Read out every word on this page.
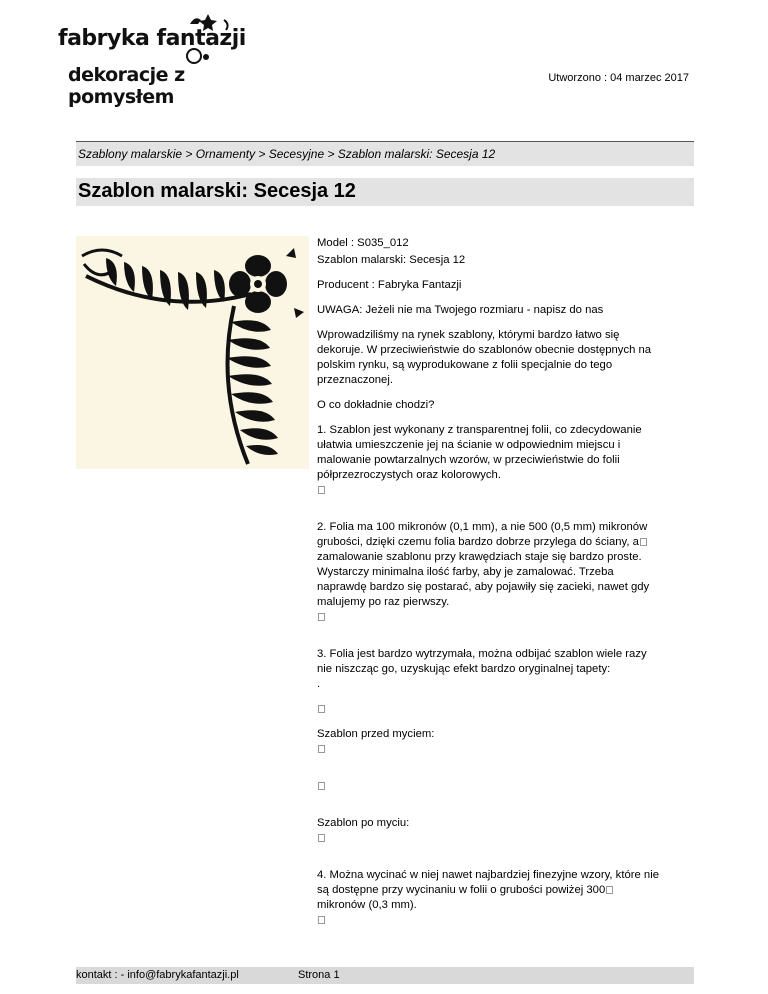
fabryka fantazji
dekoracje z pomysłem
Utworzono : 04 marzec 2017
Szablony malarskie > Ornamenty > Secesyjne > Szablon malarski: Secesja 12
Szablon malarski: Secesja 12

Model : S035_012

Szablon malarski: Secesja 12

Producent : Fabryka Fantazji

UWAGA: Jeżeli nie ma Twojego rozmiaru - napisz do nas

Wprowadziliśmy na rynek szablony, którymi bardzo łatwo się dekoruje. W przeciwieństwie do szablonów obecnie dostępnych na polskim rynku, są wyprodukowane z folii specjalnie do tego przeznaczonej.

O co dokładnie chodzi?

1. Szablon jest wykonany z transparentnej folii, co zdecydowanie ułatwia umieszczenie jej na ścianie w odpowiednim miejscu i malowanie powtarzalnych wzorów, w przeciwieństwie do folii półprzezroczystych oraz kolorowych.

2. Folia ma 100 mikronów (0,1 mm), a nie 500 (0,5 mm) mikronów grubości, dzięki czemu folia bardzo dobrze przylega do ściany, a zamalowanie szablonu przy krawędziach staje się bardzo proste. Wystarczy minimalna ilość farby, aby je zamalować. Trzeba naprawdę bardzo się postarać, aby pojawiły się zacieki, nawet gdy malujemy po raz pierwszy.

3. Folia jest bardzo wytrzymała, można odbijać szablon wiele razy nie niszcząc go, uzyskując efekt bardzo oryginalnej tapety:

.

Szablon przed myciem:

Szablon po myciu:

4. Można wycinać w niej nawet najbardziej finezyjne wzory, które nie są dostępne przy wycinaniu w folii o grubości powiżej 300 mikronów (0,3 mm).

kontakt : - info@fabrykafantazji.pl	Strona 1
